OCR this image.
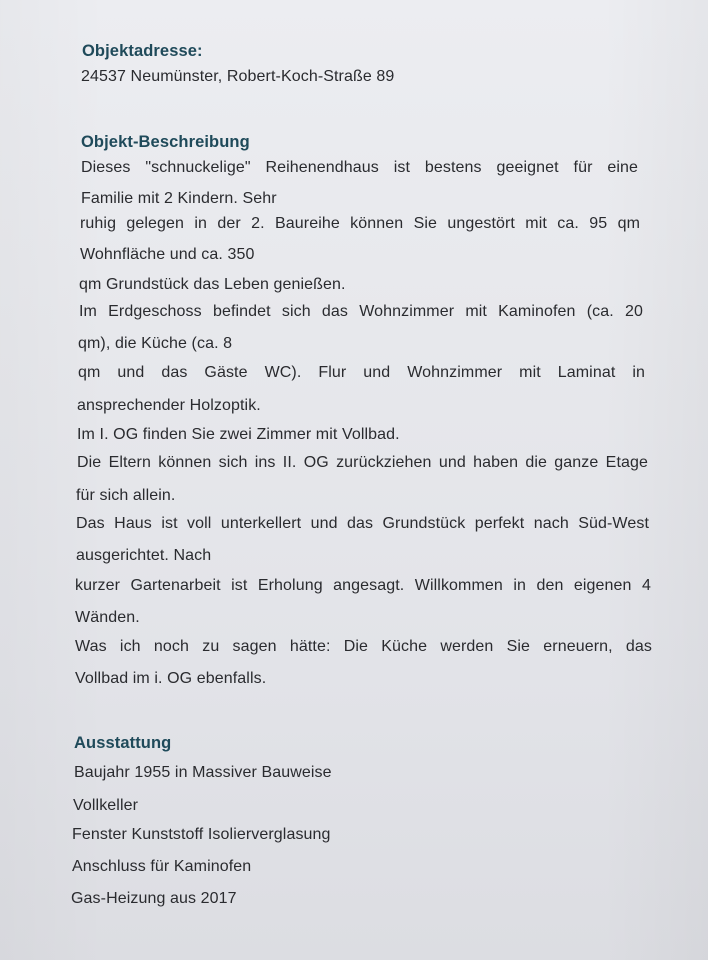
Objektadresse:
24537 Neumünster, Robert-Koch-Straße 89
Objekt-Beschreibung
Dieses "schnuckelige" Reihenendhaus ist bestens geeignet für eine
Familie mit 2 Kindern. Sehr
ruhig gelegen in der 2. Baureihe können Sie ungestört mit ca. 95 qm
Wohnfläche und ca. 350
qm Grundstück das Leben genießen.
Im Erdgeschoss befindet sich das Wohnzimmer mit Kaminofen (ca. 20
qm), die Küche (ca. 8
qm und das Gäste WC). Flur und Wohnzimmer mit Laminat in
ansprechender Holzoptik.
Im I. OG finden Sie zwei Zimmer mit Vollbad.
Die Eltern können sich ins II. OG zurückziehen und haben die ganze Etage
für sich allein.
Das Haus ist voll unterkellert und das Grundstück perfekt nach Süd-West
ausgerichtet. Nach
kurzer Gartenarbeit ist Erholung angesagt. Willkommen in den eigenen 4
Wänden.
Was ich noch zu sagen hätte: Die Küche werden Sie erneuern, das
Vollbad im i. OG ebenfalls.
Ausstattung
Baujahr 1955 in Massiver Bauweise
Vollkeller
Fenster Kunststoff Isolierverglasung
Anschluss für Kaminofen
Gas-Heizung aus 2017
